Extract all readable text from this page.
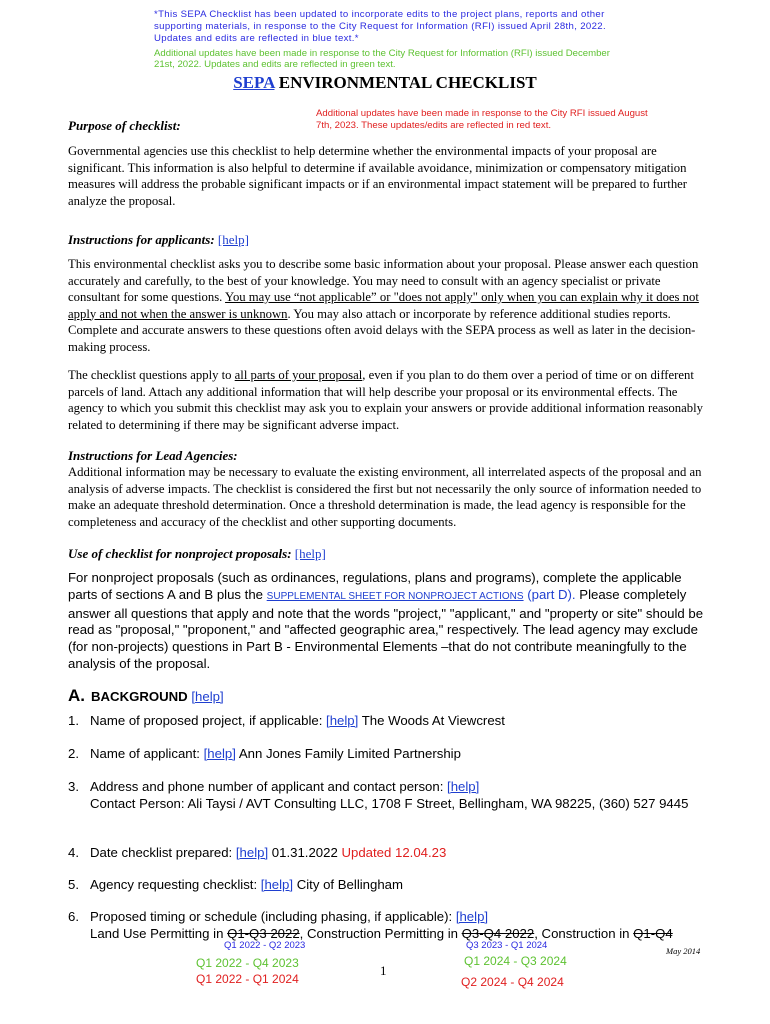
*This SEPA Checklist has been updated to incorporate edits to the project plans, reports and other supporting materials, in response to the City Request for Information (RFI) issued April 28th, 2022. Updates and edits are reflected in blue text.*
Additional updates have been made in response to the City Request for Information (RFI) issued December 21st, 2022. Updates and edits are reflected in green text.
SEPA ENVIRONMENTAL CHECKLIST
Additional updates have been made in response to the City RFI issued August 7th, 2023. These updates/edits are reflected in red text.
Purpose of checklist:
Governmental agencies use this checklist to help determine whether the environmental impacts of your proposal are significant. This information is also helpful to determine if available avoidance, minimization or compensatory mitigation measures will address the probable significant impacts or if an environmental impact statement will be prepared to further analyze the proposal.
Instructions for applicants: [help]
This environmental checklist asks you to describe some basic information about your proposal. Please answer each question accurately and carefully, to the best of your knowledge. You may need to consult with an agency specialist or private consultant for some questions. You may use “not applicable” or "does not apply" only when you can explain why it does not apply and not when the answer is unknown. You may also attach or incorporate by reference additional studies reports. Complete and accurate answers to these questions often avoid delays with the SEPA process as well as later in the decision-making process.
The checklist questions apply to all parts of your proposal, even if you plan to do them over a period of time or on different parcels of land. Attach any additional information that will help describe your proposal or its environmental effects. The agency to which you submit this checklist may ask you to explain your answers or provide additional information reasonably related to determining if there may be significant adverse impact.
Instructions for Lead Agencies:
Additional information may be necessary to evaluate the existing environment, all interrelated aspects of the proposal and an analysis of adverse impacts. The checklist is considered the first but not necessarily the only source of information needed to make an adequate threshold determination. Once a threshold determination is made, the lead agency is responsible for the completeness and accuracy of the checklist and other supporting documents.
Use of checklist for nonproject proposals: [help]
For nonproject proposals (such as ordinances, regulations, plans and programs), complete the applicable parts of sections A and B plus the SUPPLEMENTAL SHEET FOR NONPROJECT ACTIONS (part D). Please completely answer all questions that apply and note that the words "project," "applicant," and "property or site" should be read as "proposal," "proponent," and "affected geographic area," respectively. The lead agency may exclude (for non-projects) questions in Part B - Environmental Elements –that do not contribute meaningfully to the analysis of the proposal.
A. BACKGROUND [help]
1. Name of proposed project, if applicable: [help] The Woods At Viewcrest
2. Name of applicant: [help] Ann Jones Family Limited Partnership
3. Address and phone number of applicant and contact person: [help]
Contact Person: Ali Taysi / AVT Consulting LLC, 1708 F Street, Bellingham, WA 98225, (360) 527 9445
4. Date checklist prepared: [help] 01.31.2022 Updated 12.04.23
5. Agency requesting checklist: [help] City of Bellingham
6. Proposed timing or schedule (including phasing, if applicable): [help]
Land Use Permitting in Q1-Q3 2022, Construction Permitting in Q3-Q4 2022, Construction in Q1-Q4
Q1 2022 - Q2 2023	Q3 2023 - Q1 2024
Q1 2022 - Q4 2023	Q1 2024 - Q3 2024
Q1 2022 - Q1 2024	Q2 2024 - Q4 2024
May 2014
1
